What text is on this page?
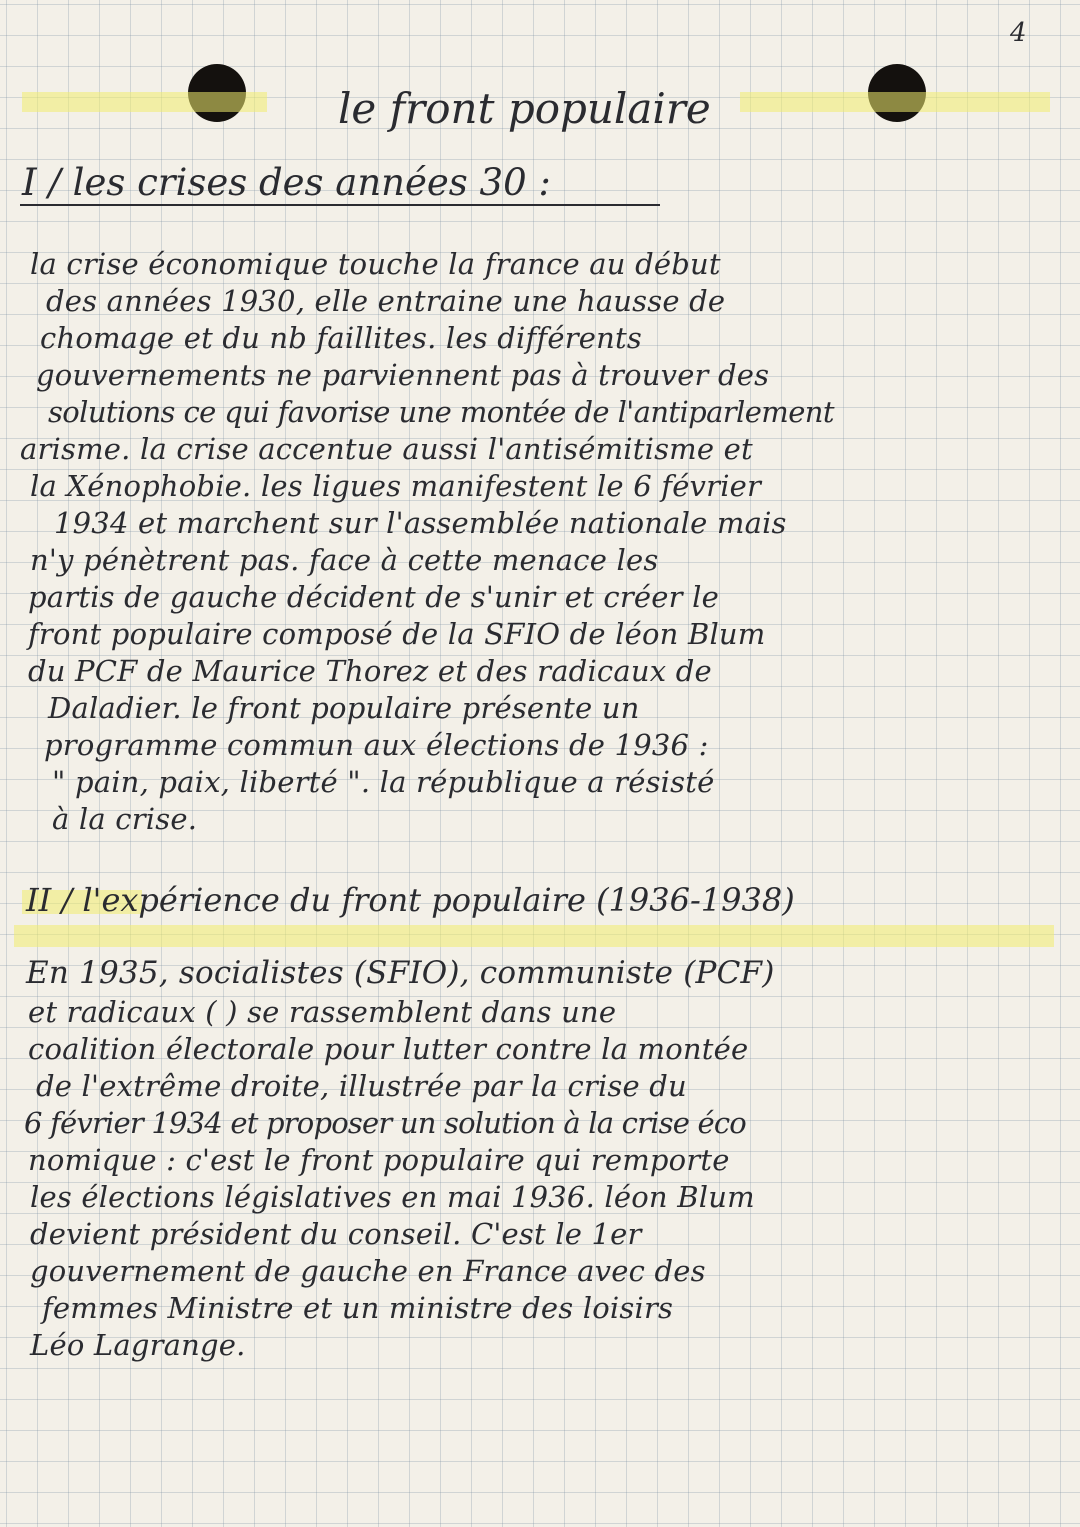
4
le front populaire
I / les crises des années 30 :
la crise économique touche la france au début
des années 1930, elle entraine une hausse de
chomage et du nb faillites. les différents
gouvernements ne parviennent pas à trouver des
solutions ce qui favorise une montée de l'antiparlement
arisme. la crise accentue aussi l'antisémitisme et
la Xénophobie. les ligues manifestent le 6 février
1934 et marchent sur l'assemblée nationale mais
n'y pénètrent pas. face à cette menace les
partis de gauche décident de s'unir et créer le
front populaire composé de la SFIO de léon Blum
du PCF de Maurice Thorez et des radicaux de
Daladier. le front populaire présente un
programme commun aux élections de 1936 :
" pain, paix, liberté ". la république a résisté
à la crise.
II / l'expérience du front populaire (1936-1938)
En 1935, socialistes (SFIO), communiste (PCF)
et radicaux ( ) se rassemblent dans une
coalition électorale pour lutter contre la montée
de l'extrême droite, illustrée par la crise du
6 février 1934 et proposer un solution à la crise éco
nomique : c'est le front populaire qui remporte
les élections législatives en mai 1936. léon Blum
devient président du conseil. C'est le 1er
gouvernement de gauche en France avec des
femmes Ministre et un ministre des loisirs
Léo Lagrange.
